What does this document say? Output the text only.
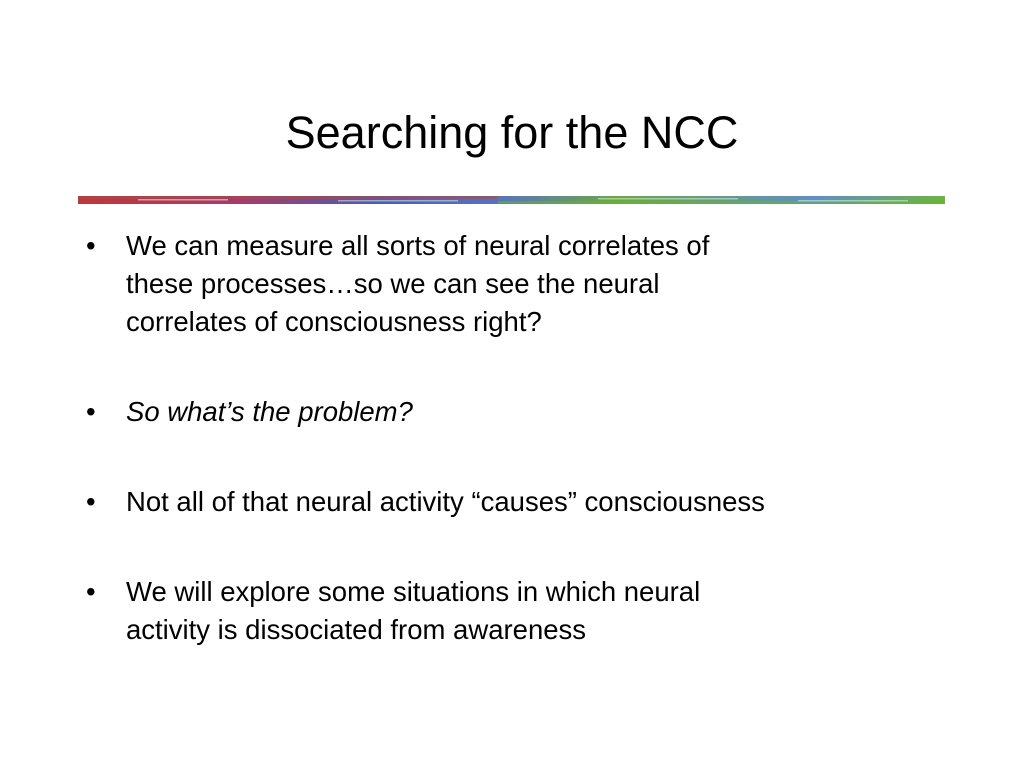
Searching for the NCC
•	We can measure all sorts of neural correlates of
these processes…so we can see the neural
correlates of consciousness right?
•	So what’s the problem?
•	Not all of that neural activity “causes” consciousness
•	We will explore some situations in which neural
activity is dissociated from awareness
